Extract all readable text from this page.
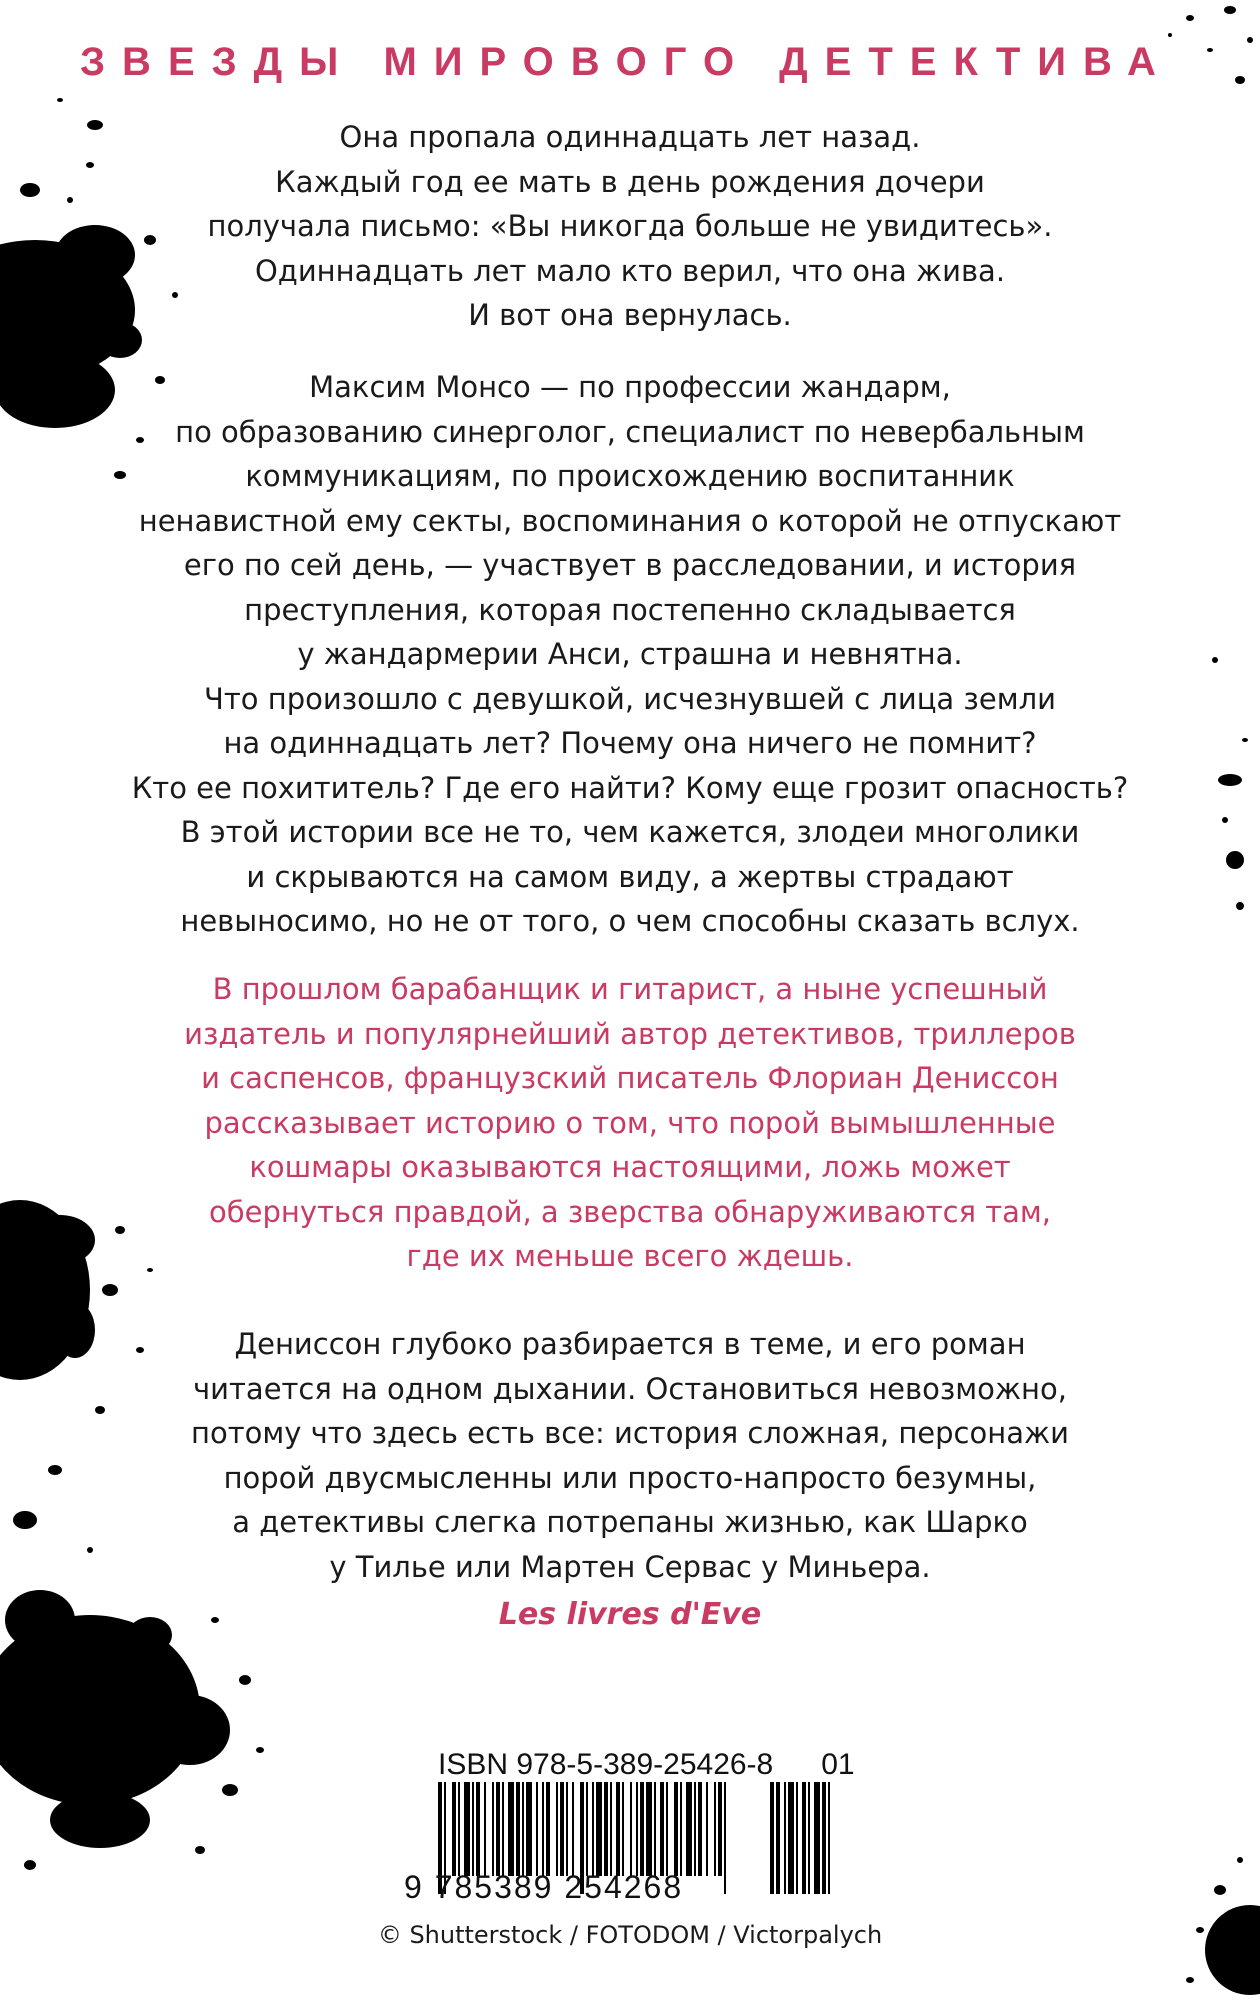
ЗВЕЗДЫ МИРОВОГО ДЕТЕКТИВА
Она пропала одиннадцать лет назад.
Каждый год ее мать в день рождения дочери
получала письмо: «Вы никогда больше не увидитесь».
Одиннадцать лет мало кто верил, что она жива.
И вот она вернулась.
Максим Монсо — по профессии жандарм,
по образованию синерголог, специалист по невербальным
коммуникациям, по происхождению воспитанник
ненавистной ему секты, воспоминания о которой не отпускают
его по сей день, — участвует в расследовании, и история
преступления, которая постепенно складывается
у жандармерии Анси, страшна и невнятна.
Что произошло с девушкой, исчезнувшей с лица земли
на одиннадцать лет? Почему она ничего не помнит?
Кто ее похититель? Где его найти? Кому еще грозит опасность?
В этой истории все не то, чем кажется, злодеи многолики
и скрываются на самом виду, а жертвы страдают
невыносимо, но не от того, о чем способны сказать вслух.
В прошлом барабанщик и гитарист, а ныне успешный
издатель и популярнейший автор детективов, триллеров
и саспенсов, французский писатель Флориан Дениссон
рассказывает историю о том, что порой вымышленные
кошмары оказываются настоящими, ложь может
обернуться правдой, а зверства обнаруживаются там,
где их меньше всего ждешь.
Дениссон глубоко разбирается в теме, и его роман
читается на одном дыхании. Остановиться невозможно,
потому что здесь есть все: история сложная, персонажи
порой двусмысленны или просто-напросто безумны,
а детективы слегка потрепаны жизнью, как Шарко
у Тилье или Мартен Сервас у Миньера.
Les livres d'Eve
ISBN 978-5-389-25426-8 01
9 785389 254268
© Shutterstock / FOTODOM / Victorpalych
